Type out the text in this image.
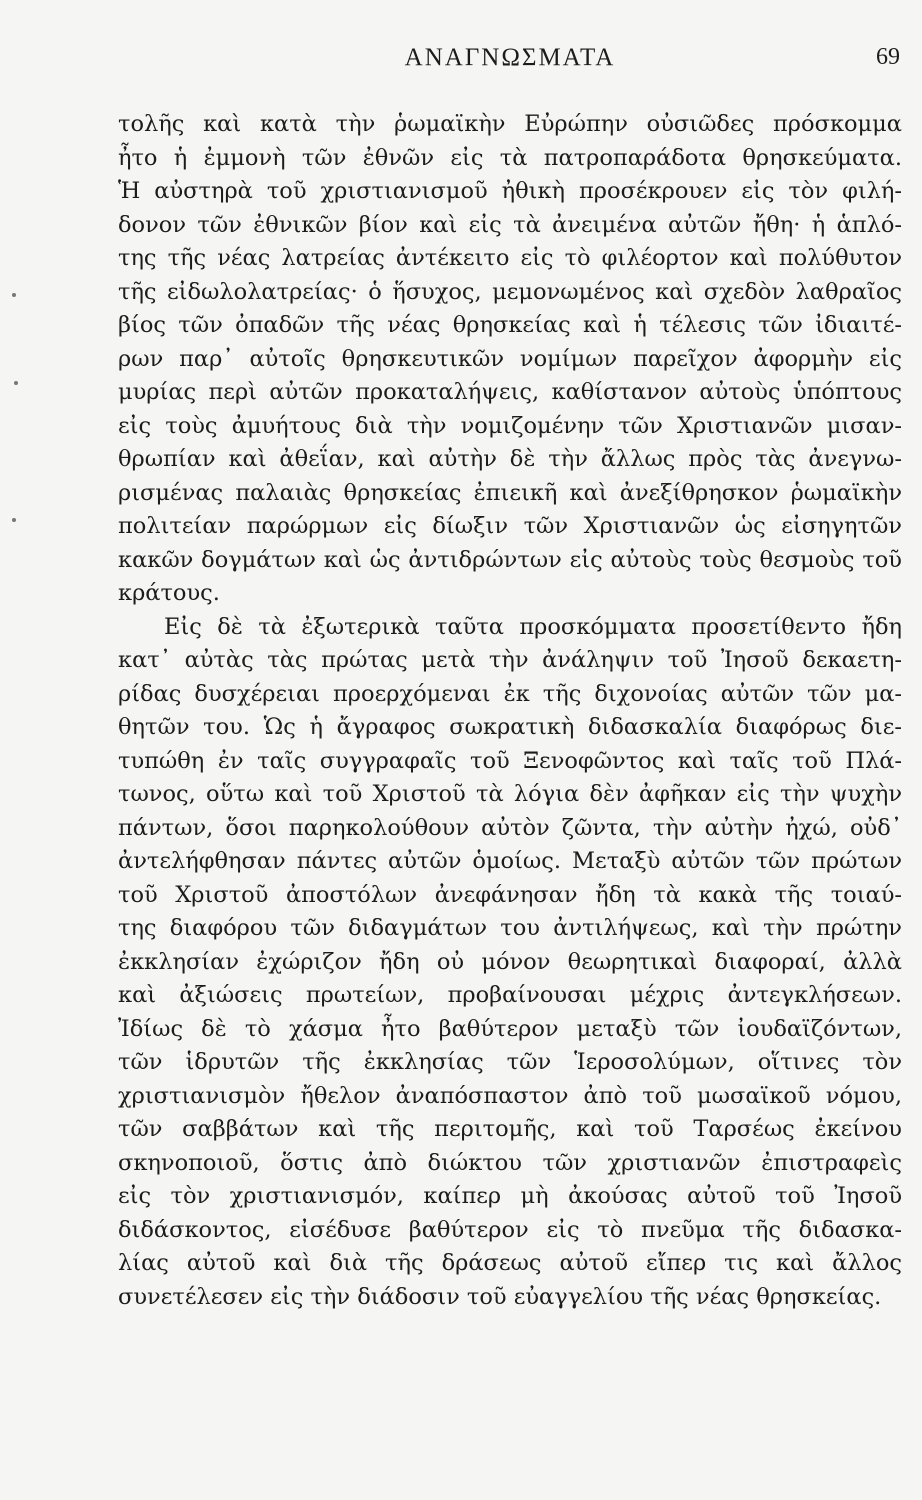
ΑΝΑΓΝΩΣΜΑΤΑ	69
τολῆς καὶ κατὰ τὴν ῥωμαϊκὴν Εὐρώπην οὐσιῶδες πρόσκομμα
ἦτο ἡ ἐμμονὴ τῶν ἐθνῶν εἰς τὰ πατροπαράδοτα θρησκεύματα.
Ἡ αὐστηρὰ τοῦ χριστιανισμοῦ ἠθικὴ προσέκρουεν εἰς τὸν φιλή-
δονον τῶν ἐθνικῶν βίον καὶ εἰς τὰ ἀνειμένα αὐτῶν ἤθη· ἡ ἁπλό-
της τῆς νέας λατρείας ἀντέκειτο εἰς τὸ φιλέορτον καὶ πολύθυτον
τῆς εἰδωλολατρείας· ὁ ἥσυχος, μεμονωμένος καὶ σχεδὸν λαθραῖος
βίος τῶν ὀπαδῶν τῆς νέας θρησκείας καὶ ἡ τέλεσις τῶν ἰδιαιτέ-
ρων παρ᾽ αὐτοῖς θρησκευτικῶν νομίμων παρεῖχον ἀφορμὴν εἰς
μυρίας περὶ αὐτῶν προκαταλήψεις, καθίστανον αὐτοὺς ὑπόπτους
εἰς τοὺς ἀμυήτους διὰ τὴν νομιζομένην τῶν Χριστιανῶν μισαν-
θρωπίαν καὶ ἀθεΐαν, καὶ αὐτὴν δὲ τὴν ἄλλως πρὸς τὰς ἀνεγνω-
ρισμένας παλαιὰς θρησκείας ἐπιεικῆ καὶ ἀνεξίθρησκον ῥωμαϊκὴν
πολιτείαν παρώρμων εἰς δίωξιν τῶν Χριστιανῶν ὡς εἰσηγητῶν
κακῶν δογμάτων καὶ ὡς ἀντιδρώντων εἰς αὐτοὺς τοὺς θεσμοὺς τοῦ
κράτους.
Εἰς δὲ τὰ ἐξωτερικὰ ταῦτα προσκόμματα προσετίθεντο ἤδη
κατ᾽ αὐτὰς τὰς πρώτας μετὰ τὴν ἀνάληψιν τοῦ Ἰησοῦ δεκαετη-
ρίδας δυσχέρειαι προερχόμεναι ἐκ τῆς διχονοίας αὐτῶν τῶν μα-
θητῶν του. Ὡς ἡ ἄγραφος σωκρατικὴ διδασκαλία διαφόρως διε-
τυπώθη ἐν ταῖς συγγραφαῖς τοῦ Ξενοφῶντος καὶ ταῖς τοῦ Πλά-
τωνος, οὕτω καὶ τοῦ Χριστοῦ τὰ λόγια δὲν ἀφῆκαν εἰς τὴν ψυχὴν
πάντων, ὅσοι παρηκολούθουν αὐτὸν ζῶντα, τὴν αὐτὴν ἠχώ, οὐδ᾽
ἀντελήφθησαν πάντες αὐτῶν ὁμοίως. Μεταξὺ αὐτῶν τῶν πρώτων
τοῦ Χριστοῦ ἀποστόλων ἀνεφάνησαν ἤδη τὰ κακὰ τῆς τοιαύ-
της διαφόρου τῶν διδαγμάτων του ἀντιλήψεως, καὶ τὴν πρώτην
ἐκκλησίαν ἐχώριζον ἤδη οὐ μόνον θεωρητικαὶ διαφοραί, ἀλλὰ
καὶ ἀξιώσεις πρωτείων, προβαίνουσαι μέχρις ἀντεγκλήσεων.
Ἰδίως δὲ τὸ χάσμα ἦτο βαθύτερον μεταξὺ τῶν ἰουδαϊζόντων,
τῶν ἱδρυτῶν τῆς ἐκκλησίας τῶν Ἱεροσολύμων, οἵτινες τὸν
χριστιανισμὸν ἤθελον ἀναπόσπαστον ἀπὸ τοῦ μωσαϊκοῦ νόμου,
τῶν σαββάτων καὶ τῆς περιτομῆς, καὶ τοῦ Ταρσέως ἐκείνου
σκηνοποιοῦ, ὅστις ἀπὸ διώκτου τῶν χριστιανῶν ἐπιστραφεὶς
εἰς τὸν χριστιανισμόν, καίπερ μὴ ἀκούσας αὐτοῦ τοῦ Ἰησοῦ
διδάσκοντος, εἰσέδυσε βαθύτερον εἰς τὸ πνεῦμα τῆς διδασκα-
λίας αὐτοῦ καὶ διὰ τῆς δράσεως αὐτοῦ εἴπερ τις καὶ ἄλλος
συνετέλεσεν εἰς τὴν διάδοσιν τοῦ εὐαγγελίου τῆς νέας θρησκείας.
